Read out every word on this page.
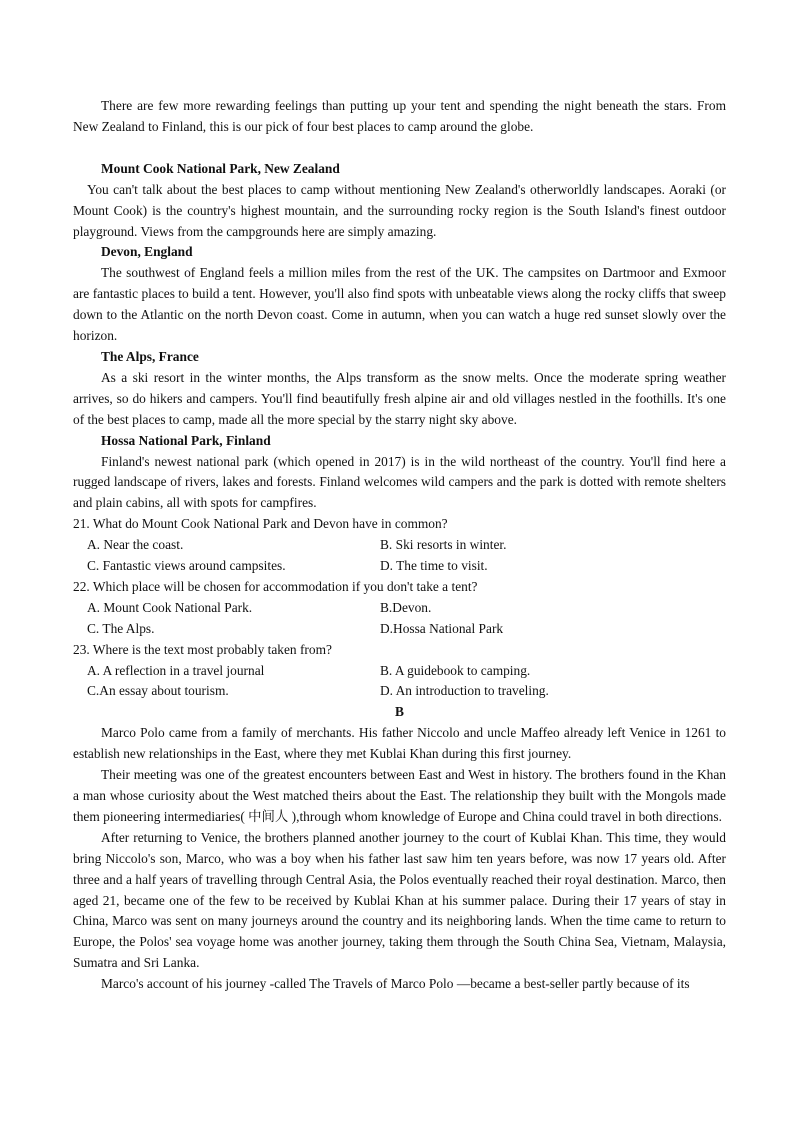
There are few more rewarding feelings than putting up your tent and spending the night beneath the stars. From New Zealand to Finland, this is our pick of four best places to camp around the globe.

Mount Cook National Park, New Zealand

You can't talk about the best places to camp without mentioning New Zealand's otherworldly landscapes. Aoraki (or Mount Cook) is the country's highest mountain, and the surrounding rocky region is the South Island's finest outdoor playground. Views from the campgrounds here are simply amazing.

Devon, England

The southwest of England feels a million miles from the rest of the UK. The campsites on Dartmoor and Exmoor are fantastic places to build a tent. However, you'll also find spots with unbeatable views along the rocky cliffs that sweep down to the Atlantic on the north Devon coast. Come in autumn, when you can watch a huge red sunset slowly over the horizon.

The Alps, France

As a ski resort in the winter months, the Alps transform as the snow melts. Once the moderate spring weather arrives, so do hikers and campers. You'll find beautifully fresh alpine air and old villages nestled in the foothills. It's one of the best places to camp, made all the more special by the starry night sky above.

Hossa National Park, Finland

Finland's newest national park (which opened in 2017) is in the wild northeast of the country. You'll find here a rugged landscape of rivers, lakes and forests. Finland welcomes wild campers and the park is dotted with remote shelters and plain cabins, all with spots for campfires.

21. What do Mount Cook National Park and Devon have in common?

A. Near the coast.	B. Ski resorts in winter.
C. Fantastic views around campsites.	D. The time to visit.

22. Which place will be chosen for accommodation if you don't take a tent?

A. Mount Cook National Park.	B.Devon.
C. The Alps.	D.Hossa National Park

23. Where is the text most probably taken from?

A. A reflection in a travel journal	B. A guidebook to camping.
C.An essay about tourism.	D. An introduction to traveling.
B

Marco Polo came from a family of merchants. His father Niccolo and uncle Maffeo already left Venice in 1261 to establish new relationships in the East, where they met Kublai Khan during this first journey.

Their meeting was one of the greatest encounters between East and West in history. The brothers found in the Khan a man whose curiosity about the West matched theirs about the East. The relationship they built with the Mongols made them pioneering intermediaries( 中间人 ),through whom knowledge of Europe and China could travel in both directions.

After returning to Venice, the brothers planned another journey to the court of Kublai Khan. This time, they would bring Niccolo's son, Marco, who was a boy when his father last saw him ten years before, was now 17 years old. After three and a half years of travelling through Central Asia, the Polos eventually reached their royal destination. Marco, then aged 21, became one of the few to be received by Kublai Khan at his summer palace. During their 17 years of stay in China, Marco was sent on many journeys around the country and its neighboring lands. When the time came to return to Europe, the Polos' sea voyage home was another journey, taking them through the South China Sea, Vietnam, Malaysia, Sumatra and Sri Lanka.

Marco's account of his journey -called The Travels of Marco Polo —became a best-seller partly because of its
